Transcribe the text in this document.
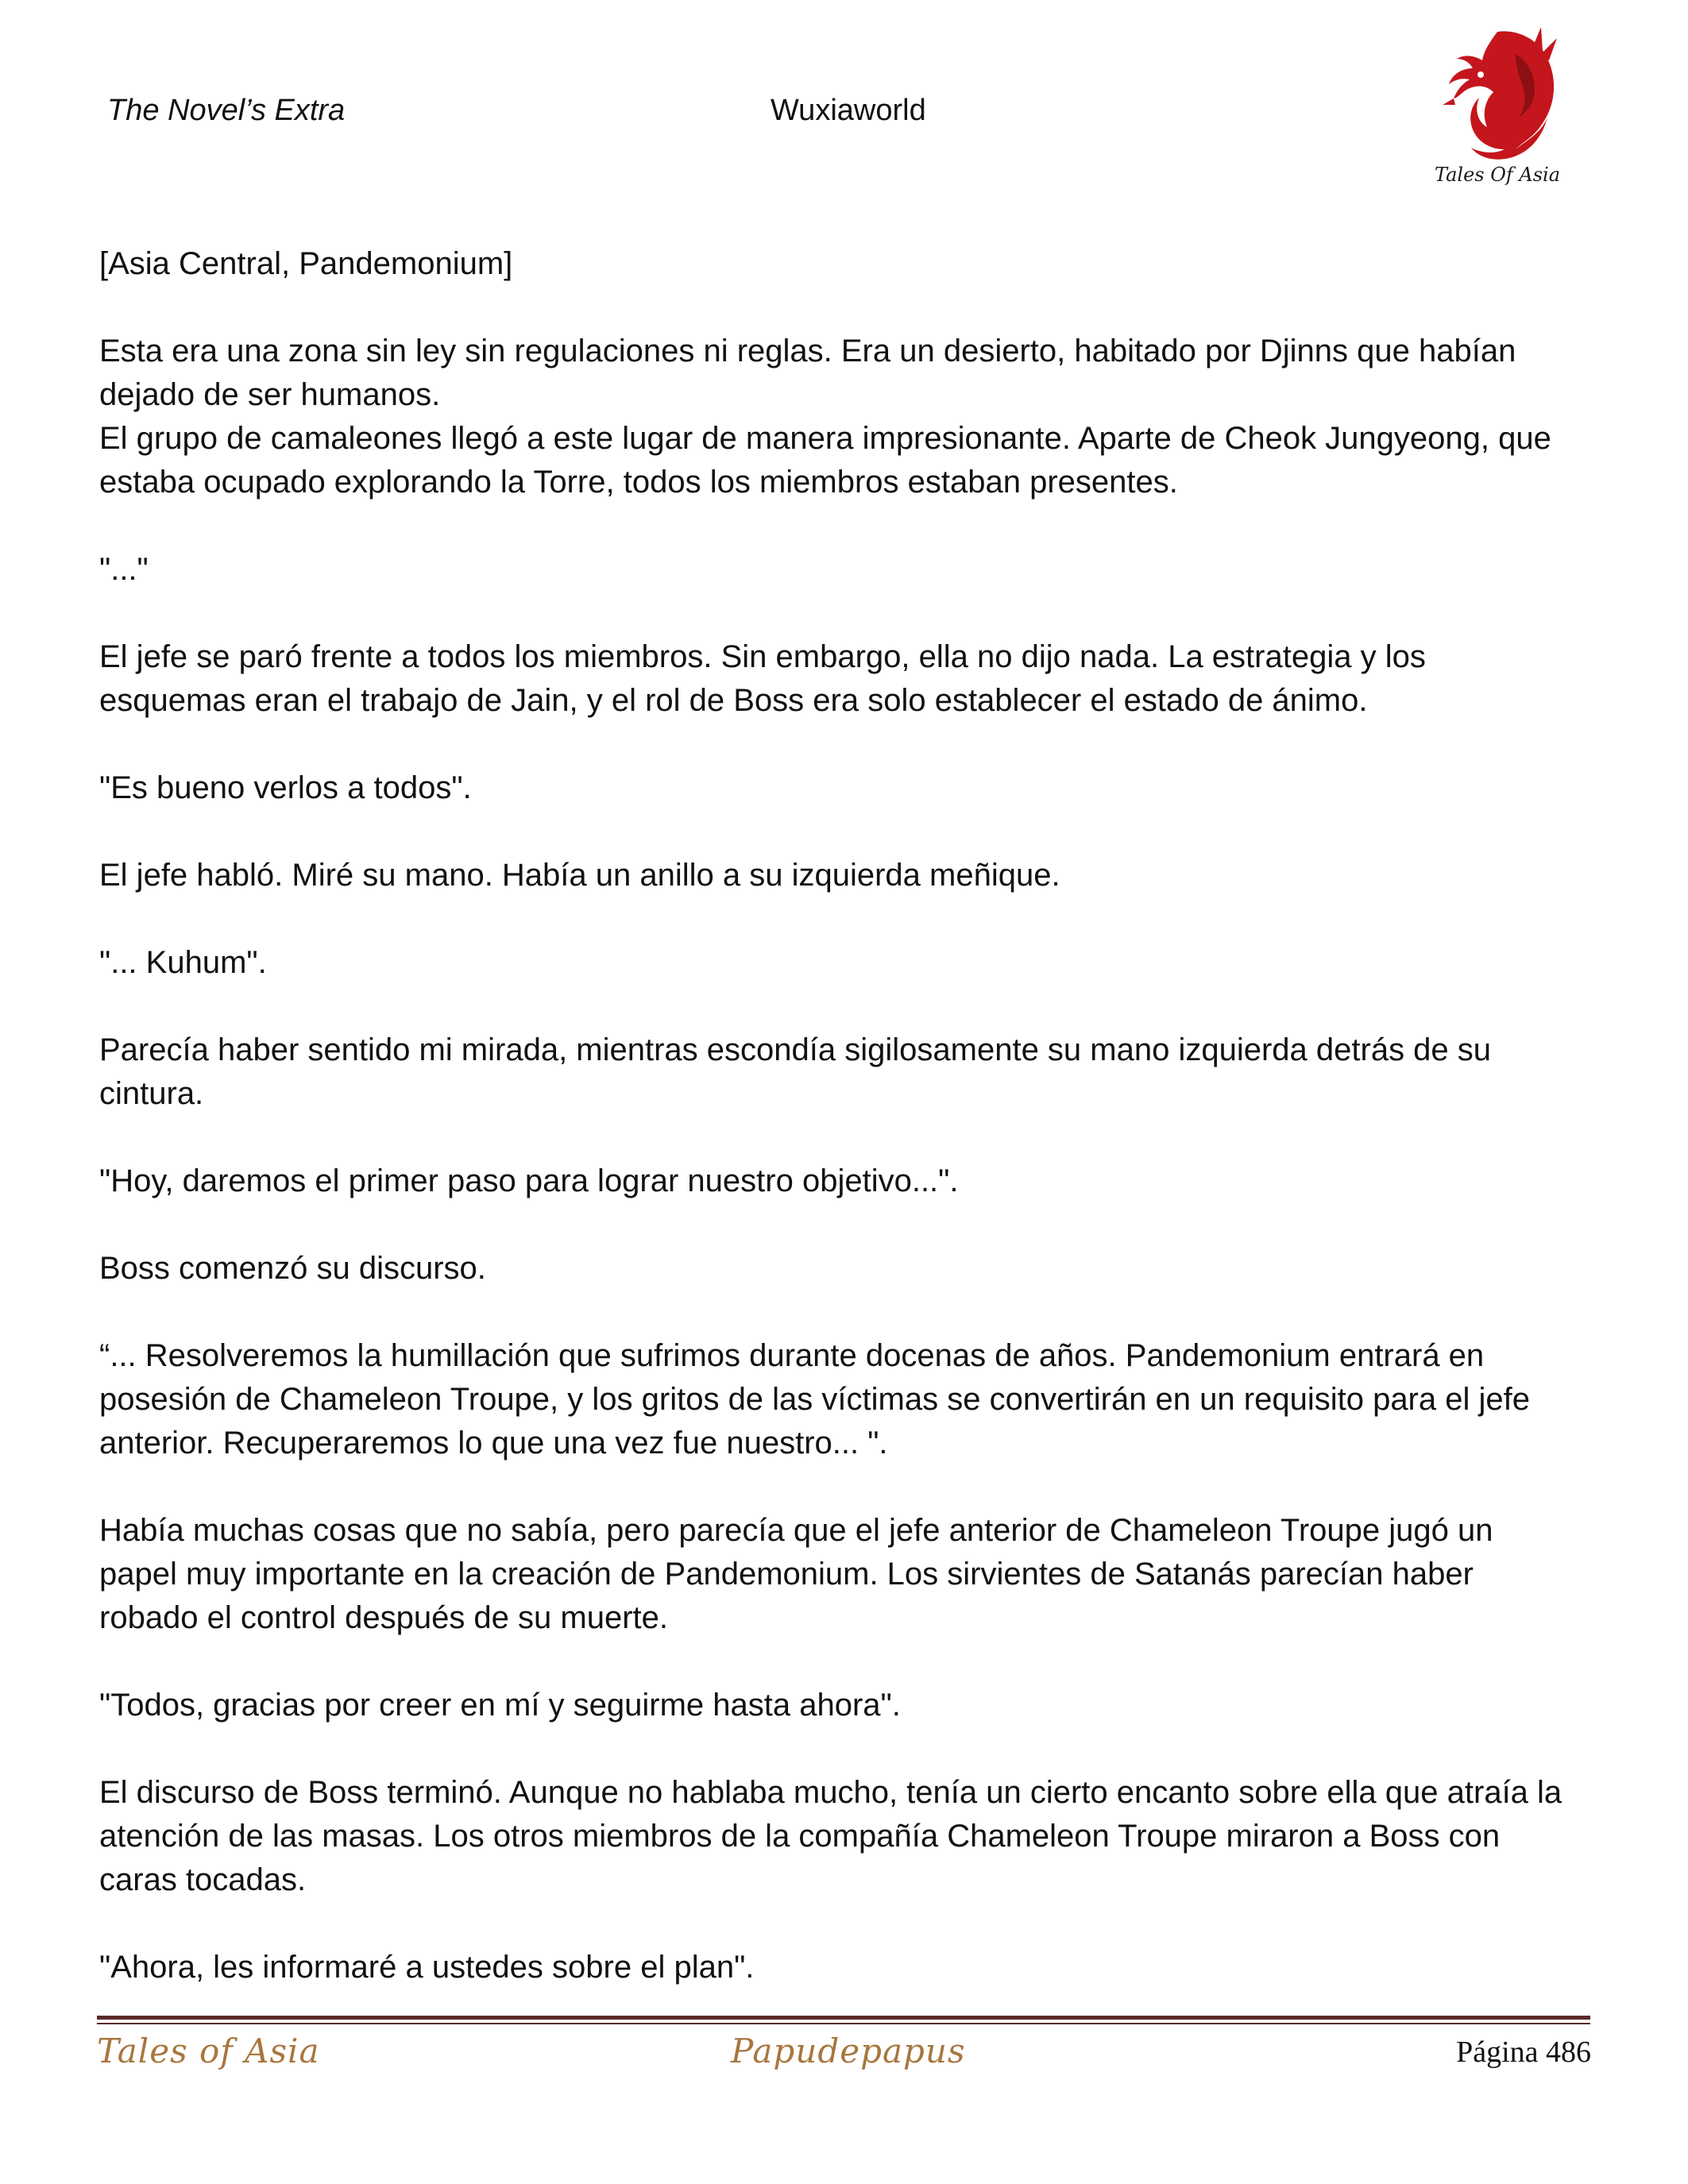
The Novel’s Extra	Wuxiaworld
Tales Of Asia

[Asia Central, Pandemonium]

Esta era una zona sin ley sin regulaciones ni reglas. Era un desierto, habitado por Djinns que habían dejado de ser humanos.

El grupo de camaleones llegó a este lugar de manera impresionante. Aparte de Cheok Jungyeong, que estaba ocupado explorando la Torre, todos los miembros estaban presentes.

"..."

El jefe se paró frente a todos los miembros. Sin embargo, ella no dijo nada. La estrategia y los esquemas eran el trabajo de Jain, y el rol de Boss era solo establecer el estado de ánimo.

"Es bueno verlos a todos".

El jefe habló. Miré su mano. Había un anillo a su izquierda meñique.

"... Kuhum".

Parecía haber sentido mi mirada, mientras escondía sigilosamente su mano izquierda detrás de su cintura.

"Hoy, daremos el primer paso para lograr nuestro objetivo...".

Boss comenzó su discurso.

“... Resolveremos la humillación que sufrimos durante docenas de años. Pandemonium entrará en posesión de Chameleon Troupe, y los gritos de las víctimas se convertirán en un requisito para el jefe anterior. Recuperaremos lo que una vez fue nuestro... ".

Había muchas cosas que no sabía, pero parecía que el jefe anterior de Chameleon Troupe jugó un papel muy importante en la creación de Pandemonium. Los sirvientes de Satanás parecían haber robado el control después de su muerte.

"Todos, gracias por creer en mí y seguirme hasta ahora".

El discurso de Boss terminó. Aunque no hablaba mucho, tenía un cierto encanto sobre ella que atraía la atención de las masas. Los otros miembros de la compañía Chameleon Troupe miraron a Boss con caras tocadas.

"Ahora, les informaré a ustedes sobre el plan".

Tales of Asia	Papudepapus	Página 486
